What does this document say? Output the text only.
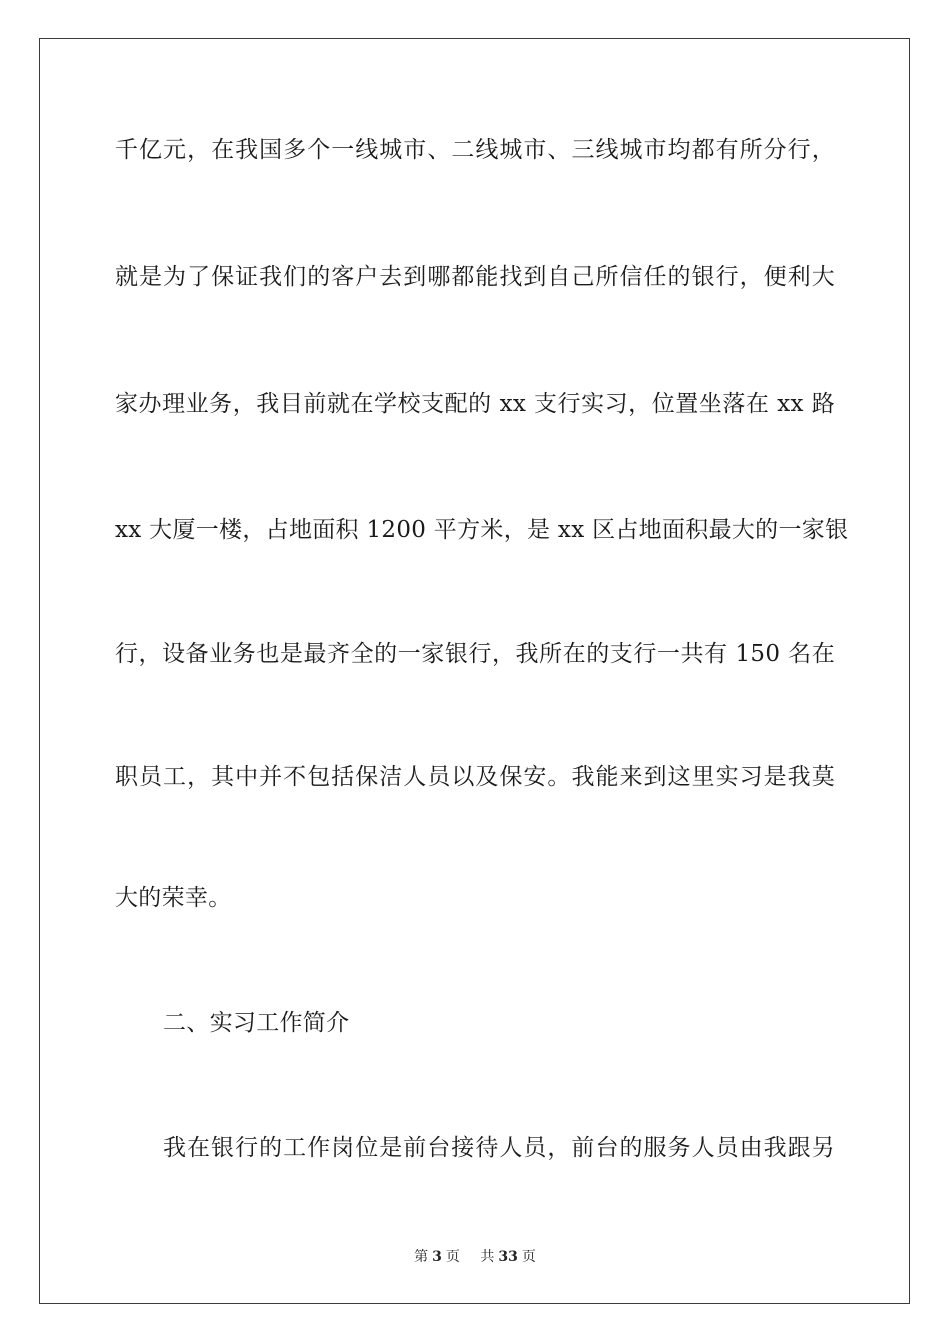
千亿元，在我国多个一线城市、二线城市、三线城市均都有所分行，
就是为了保证我们的客户去到哪都能找到自己所信任的银行，便利大
家办理业务，我目前就在学校支配的 xx 支行实习，位置坐落在 xx 路
xx 大厦一楼，占地面积 1200 平方米，是 xx 区占地面积最大的一家银
行，设备业务也是最齐全的一家银行，我所在的支行一共有 150 名在
职员工，其中并不包括保洁人员以及保安。我能来到这里实习是我莫
大的荣幸。
二、实习工作简介
我在银行的工作岗位是前台接待人员，前台的服务人员由我跟另
第 3 页 共 33 页
